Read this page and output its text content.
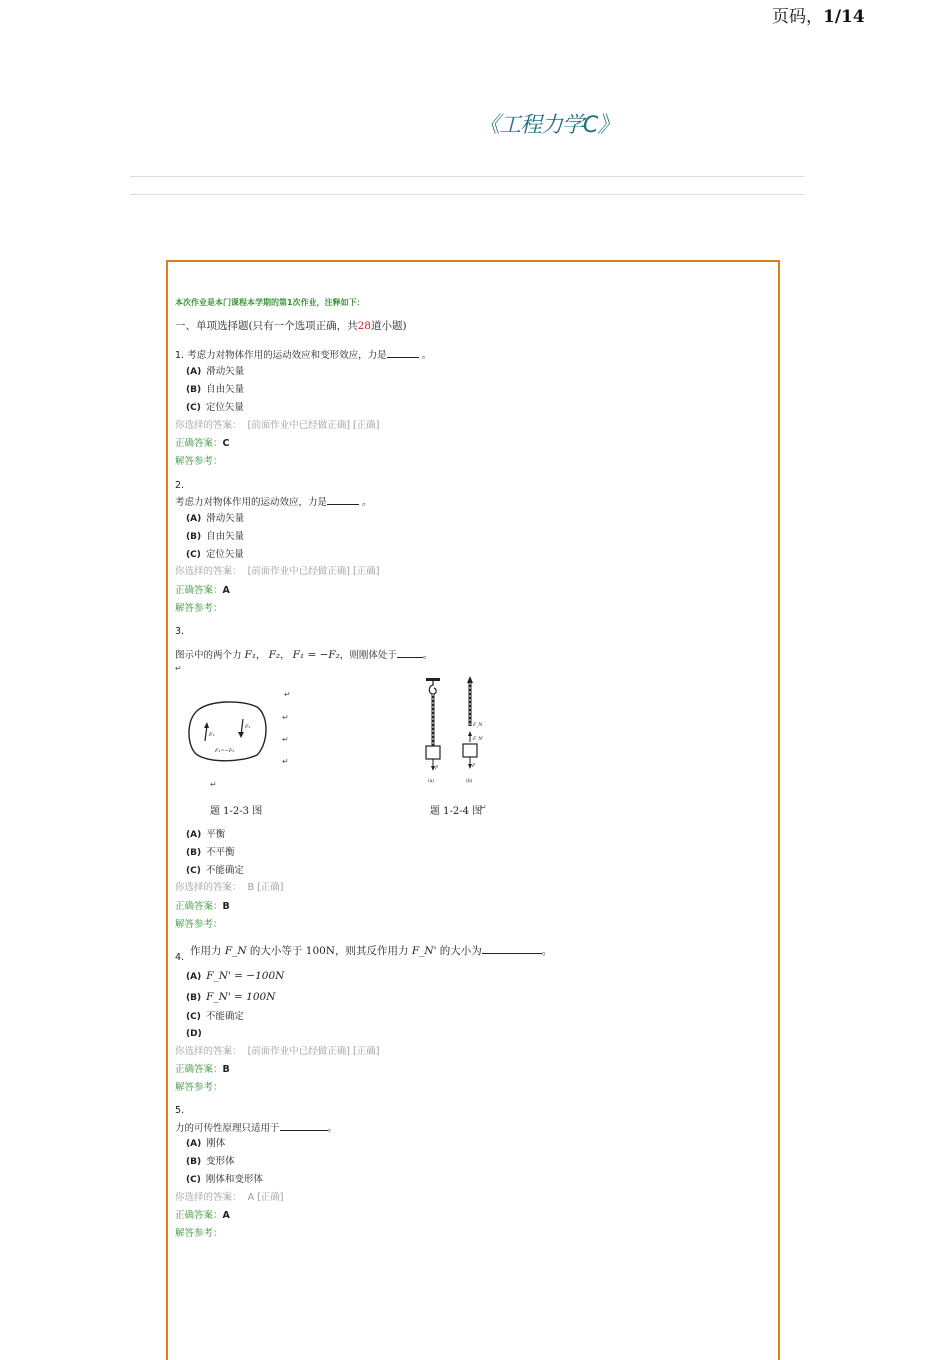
页码，1/14
《工程力学C》
本次作业是本门课程本学期的第1次作业，注释如下：
一、单项选择题(只有一个选项正确，共28道小题)
1. 考虑力对物体作用的运动效应和变形效应，力是	。
(A) 滑动矢量
(B) 自由矢量
(C) 定位矢量
你选择的答案： [前面作业中已经做正确] [正确]
正确答案：C
解答参考：
2.
考虑力对物体作用的运动效应，力是	。
(A) 滑动矢量
(B) 自由矢量
(C) 定位矢量
你选择的答案： [前面作业中已经做正确] [正确]
正确答案：A
解答参考：
3.
图示中的两个力 F₁， F₂， F₁ = −F₂，则刚体处于	。
↵
F₁
F₂
F₁=−F₂
↵
↵
↵
↵
↵
P
(a)
F_N
F_N'
P
(b)
题 1-2-3 图	题 1-2-4 图
↵
(A) 平衡
(B) 不平衡
(C) 不能确定
你选择的答案： B [正确]
正确答案：B
解答参考：
4.
作用力 F_N 的大小等于 100N，则其反作用力 F_N' 的大小为	。
(A) F_N' = −100N
(B) F_N' = 100N
(C) 不能确定
(D)
你选择的答案： [前面作业中已经做正确] [正确]
正确答案：B
解答参考：
5.
力的可传性原理只适用于	。
(A) 刚体
(B) 变形体
(C) 刚体和变形体
你选择的答案： A [正确]
正确答案：A
解答参考：
